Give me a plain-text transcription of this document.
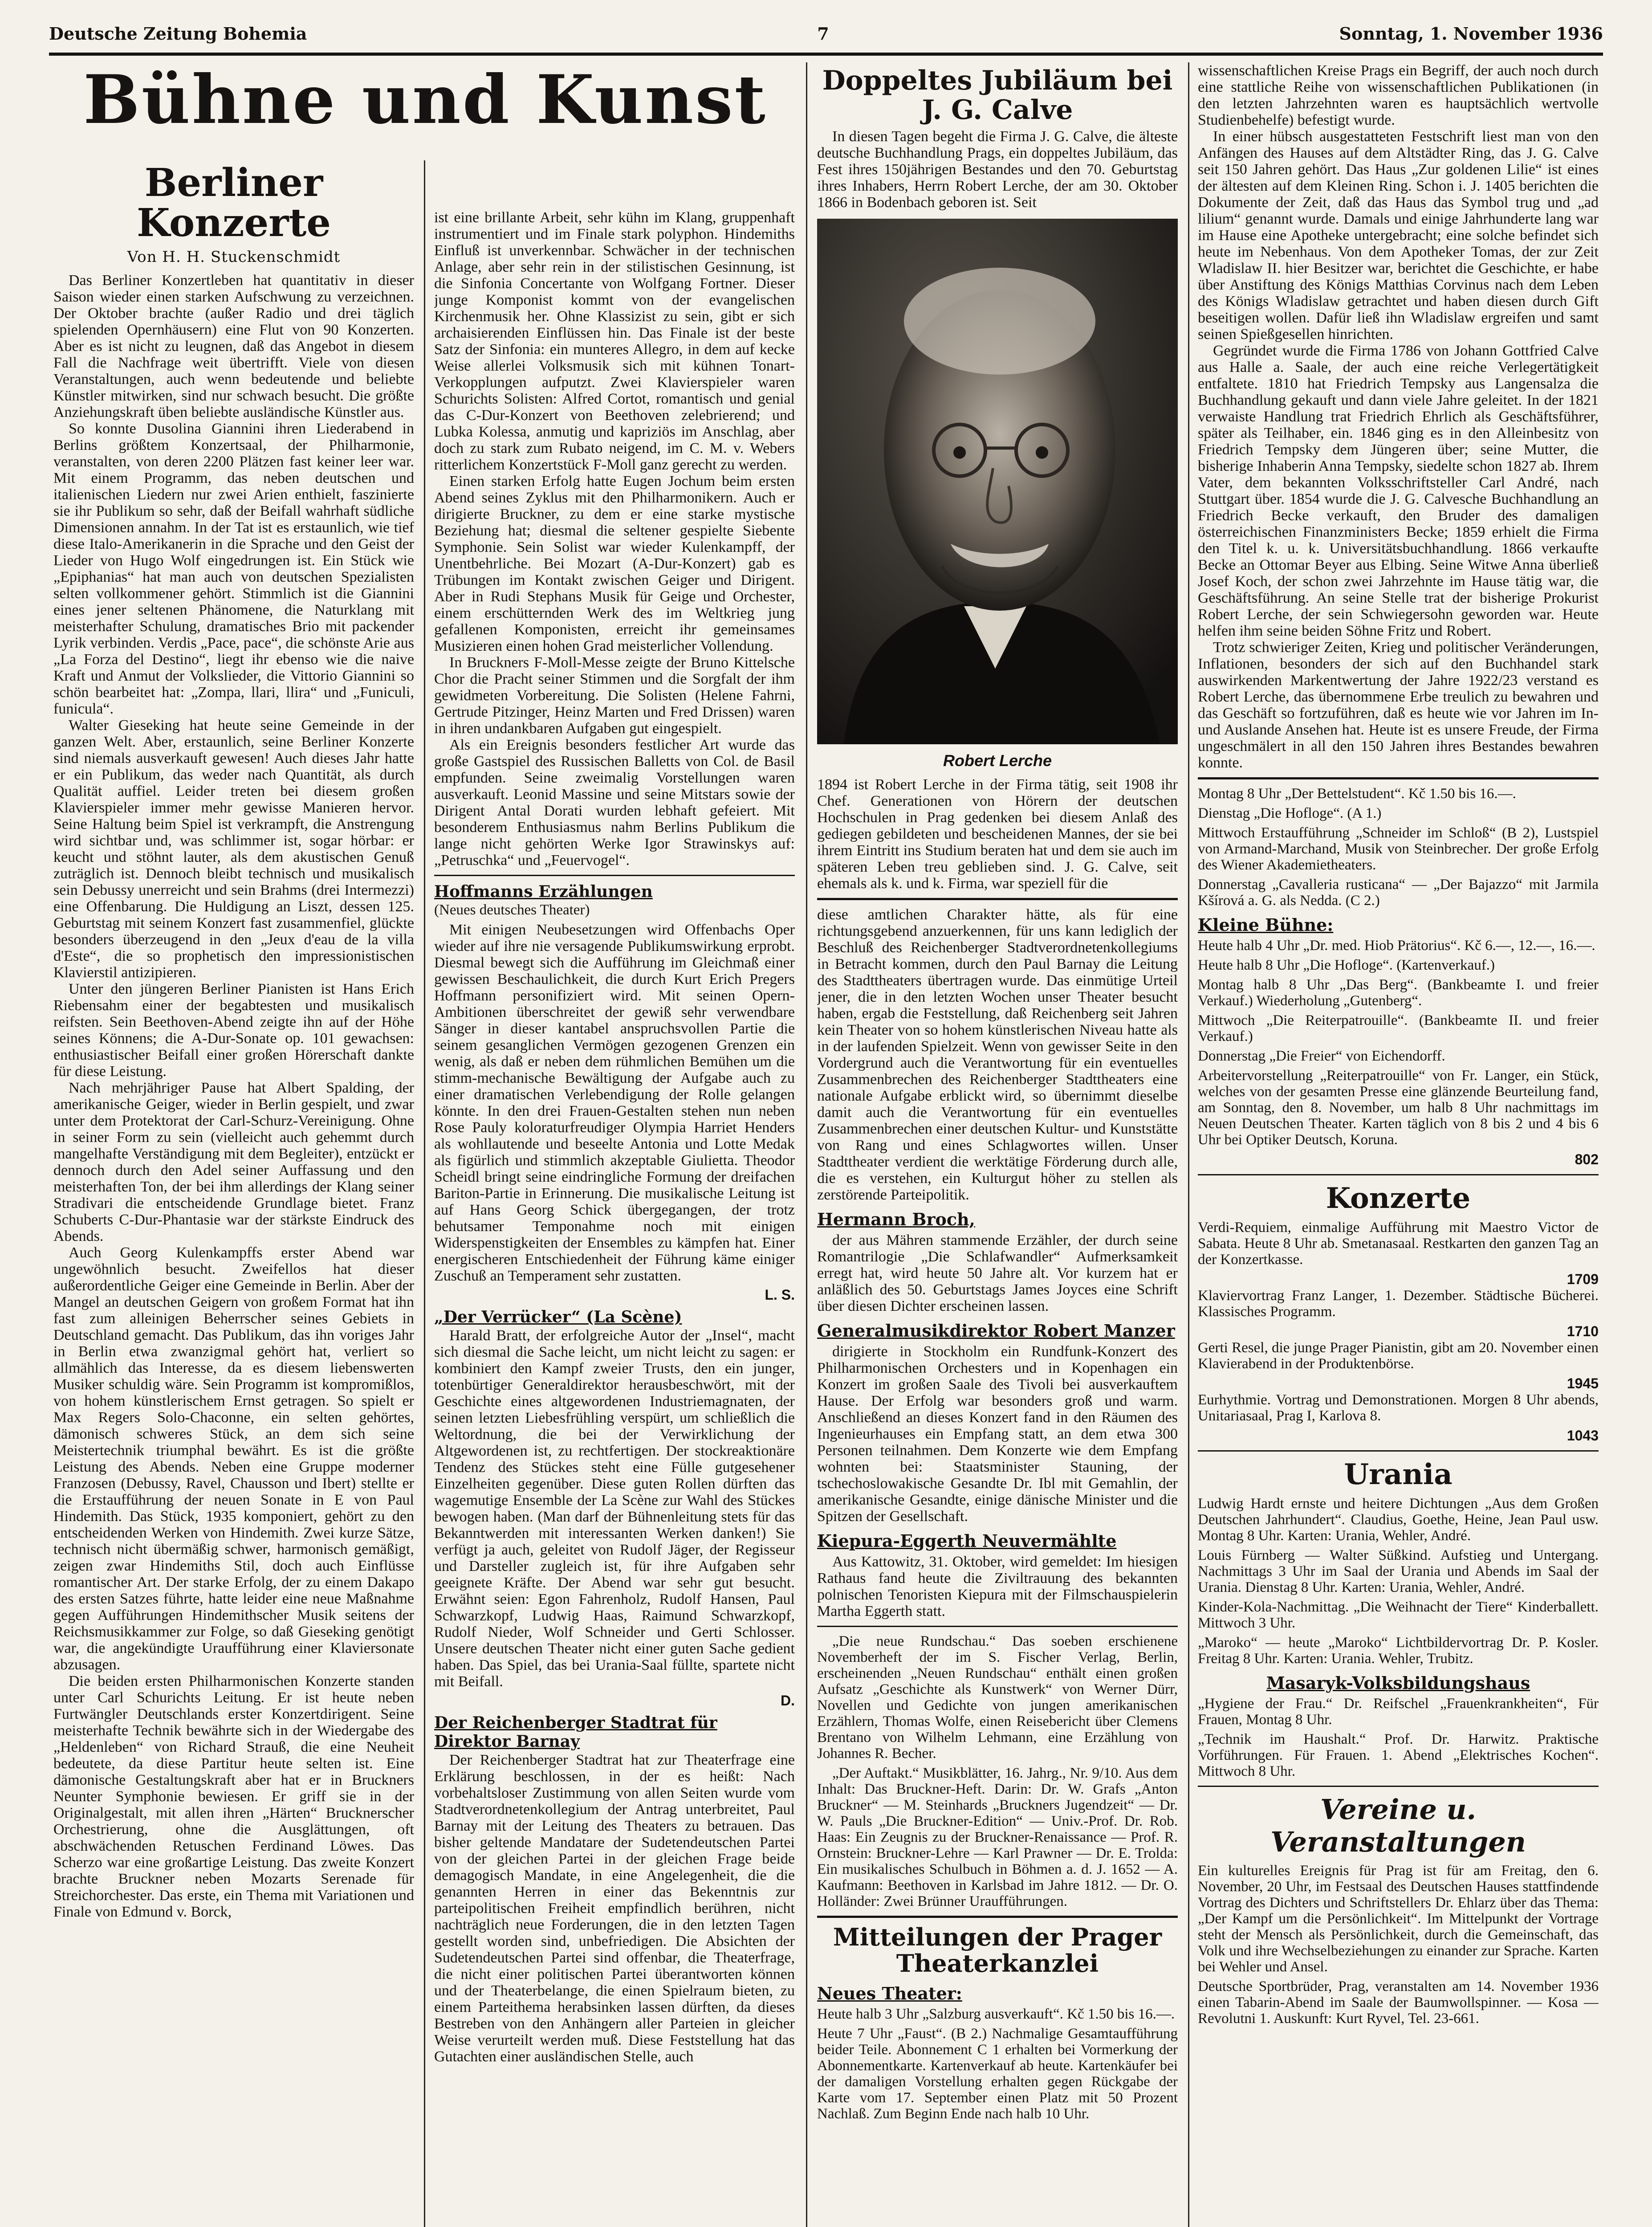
Deutsche Zeitung Bohemia	7	Sonntag, 1. November 1936
Bühne und Kunst
Berliner Konzerte
Von H. H. Stuckenschmidt

Das Berliner Konzertleben hat quantitativ in dieser Saison wieder einen starken Aufschwung zu verzeichnen. Der Oktober brachte (außer Radio und drei täglich spielenden Opernhäusern) eine Flut von 90 Konzerten. Aber es ist nicht zu leugnen, daß das Angebot in diesem Fall die Nachfrage weit übertrifft. Viele von diesen Veranstaltungen, auch wenn bedeutende und beliebte Künstler mitwirken, sind nur schwach besucht. Die größte Anziehungskraft üben beliebte ausländische Künstler aus.

So konnte Dusolina Giannini ihren Liederabend in Berlins größtem Konzertsaal, der Philharmonie, veranstalten, von deren 2200 Plätzen fast keiner leer war. Mit einem Programm, das neben deutschen und italienischen Liedern nur zwei Arien enthielt, faszinierte sie ihr Publikum so sehr, daß der Beifall wahrhaft südliche Dimensionen annahm. In der Tat ist es erstaunlich, wie tief diese Italo-Amerikanerin in die Sprache und den Geist der Lieder von Hugo Wolf eingedrungen ist. Ein Stück wie „Epiphanias“ hat man auch von deutschen Spezialisten selten vollkommener gehört. Stimmlich ist die Giannini eines jener seltenen Phänomene, die Naturklang mit meisterhafter Schulung, dramatisches Brio mit packender Lyrik verbinden. Verdis „Pace, pace“, die schönste Arie aus „La Forza del Destino“, liegt ihr ebenso wie die naive Kraft und Anmut der Volkslieder, die Vittorio Giannini so schön bearbeitet hat: „Zompa, llari, llira“ und „Funiculi, funicula“.

Walter Gieseking hat heute seine Gemeinde in der ganzen Welt. Aber, erstaunlich, seine Berliner Konzerte sind niemals ausverkauft gewesen! Auch dieses Jahr hatte er ein Publikum, das weder nach Quantität, als durch Qualität auffiel. Leider treten bei diesem großen Klavierspieler immer mehr gewisse Manieren hervor. Seine Haltung beim Spiel ist verkrampft, die Anstrengung wird sichtbar und, was schlimmer ist, sogar hörbar: er keucht und stöhnt lauter, als dem akustischen Genuß zuträglich ist. Dennoch bleibt technisch und musikalisch sein Debussy unerreicht und sein Brahms (drei Intermezzi) eine Offenbarung. Die Huldigung an Liszt, dessen 125. Geburtstag mit seinem Konzert fast zusammenfiel, glückte besonders überzeugend in den „Jeux d'eau de la villa d'Este“, die so prophetisch den impressionistischen Klavierstil antizipieren.

Unter den jüngeren Berliner Pianisten ist Hans Erich Riebensahm einer der begabtesten und musikalisch reifsten. Sein Beethoven-Abend zeigte ihn auf der Höhe seines Könnens; die A-Dur-Sonate op. 101 gewachsen: enthusiastischer Beifall einer großen Hörerschaft dankte für diese Leistung.

Nach mehrjähriger Pause hat Albert Spalding, der amerikanische Geiger, wieder in Berlin gespielt, und zwar unter dem Protektorat der Carl-Schurz-Vereinigung. Ohne in seiner Form zu sein (vielleicht auch gehemmt durch mangelhafte Verständigung mit dem Begleiter), entzückt er dennoch durch den Adel seiner Auffassung und den meisterhaften Ton, der bei ihm allerdings der Klang seiner Stradivari die entscheidende Grundlage bietet. Franz Schuberts C-Dur-Phantasie war der stärkste Eindruck des Abends.

Auch Georg Kulenkampffs erster Abend war ungewöhnlich besucht. Zweifellos hat dieser außerordentliche Geiger eine Gemeinde in Berlin. Aber der Mangel an deutschen Geigern von großem Format hat ihn fast zum alleinigen Beherrscher seines Gebiets in Deutschland gemacht. Das Publikum, das ihn voriges Jahr in Berlin etwa zwanzigmal gehört hat, verliert so allmählich das Interesse, da es diesem liebenswerten Musiker schuldig wäre. Sein Programm ist kompromißlos, von hohem künstlerischem Ernst getragen. So spielt er Max Regers Solo-Chaconne, ein selten gehörtes, dämonisch schweres Stück, an dem sich seine Meistertechnik triumphal bewährt. Es ist die größte Leistung des Abends. Neben eine Gruppe moderner Franzosen (Debussy, Ravel, Chausson und Ibert) stellte er die Erstaufführung der neuen Sonate in E von Paul Hindemith. Das Stück, 1935 komponiert, gehört zu den entscheidenden Werken von Hindemith. Zwei kurze Sätze, technisch nicht übermäßig schwer, harmonisch gemäßigt, zeigen zwar Hindemiths Stil, doch auch Einflüsse romantischer Art. Der starke Erfolg, der zu einem Dakapo des ersten Satzes führte, hatte leider eine neue Maßnahme gegen Aufführungen Hindemithscher Musik seitens der Reichsmusikkammer zur Folge, so daß Gieseking genötigt war, die angekündigte Uraufführung einer Klaviersonate abzusagen.

Die beiden ersten Philharmonischen Konzerte standen unter Carl Schurichts Leitung. Er ist heute neben Furtwängler Deutschlands erster Konzertdirigent. Seine meisterhafte Technik bewährte sich in der Wiedergabe des „Heldenleben“ von Richard Strauß, die eine Neuheit bedeutete, da diese Partitur heute selten ist. Eine dämonische Gestaltungskraft aber hat er in Bruckners Neunter Symphonie bewiesen. Er griff sie in der Originalgestalt, mit allen ihren „Härten“ Brucknerscher Orchestrierung, ohne die Ausglättungen, oft abschwächenden Retuschen Ferdinand Löwes. Das Scherzo war eine großartige Leistung. Das zweite Konzert brachte Bruckner neben Mozarts Serenade für Streichorchester. Das erste, ein Thema mit Variationen und Finale von Edmund v. Borck,

ist eine brillante Arbeit, sehr kühn im Klang, gruppenhaft instrumentiert und im Finale stark polyphon. Hindemiths Einfluß ist unverkennbar. Schwächer in der technischen Anlage, aber sehr rein in der stilistischen Gesinnung, ist die Sinfonia Concertante von Wolfgang Fortner. Dieser junge Komponist kommt von der evangelischen Kirchenmusik her. Ohne Klassizist zu sein, gibt er sich archaisierenden Einflüssen hin. Das Finale ist der beste Satz der Sinfonia: ein munteres Allegro, in dem auf kecke Weise allerlei Volksmusik sich mit kühnen Tonart-Verkopplungen aufputzt. Zwei Klavierspieler waren Schurichts Solisten: Alfred Cortot, romantisch und genial das C-Dur-Konzert von Beethoven zelebrierend; und Lubka Kolessa, anmutig und kapriziös im Anschlag, aber doch zu stark zum Rubato neigend, im C. M. v. Webers ritterlichem Konzertstück F-Moll ganz gerecht zu werden.

Einen starken Erfolg hatte Eugen Jochum beim ersten Abend seines Zyklus mit den Philharmonikern. Auch er dirigierte Bruckner, zu dem er eine starke mystische Beziehung hat; diesmal die seltener gespielte Siebente Symphonie. Sein Solist war wieder Kulenkampff, der Unentbehrliche. Bei Mozart (A-Dur-Konzert) gab es Trübungen im Kontakt zwischen Geiger und Dirigent. Aber in Rudi Stephans Musik für Geige und Orchester, einem erschütternden Werk des im Weltkrieg jung gefallenen Komponisten, erreicht ihr gemeinsames Musizieren einen hohen Grad meisterlicher Vollendung.

In Bruckners F-Moll-Messe zeigte der Bruno Kittelsche Chor die Pracht seiner Stimmen und die Sorgfalt der ihm gewidmeten Vorbereitung. Die Solisten (Helene Fahrni, Gertrude Pitzinger, Heinz Marten und Fred Drissen) waren in ihren undankbaren Aufgaben gut eingespielt.

Als ein Ereignis besonders festlicher Art wurde das große Gastspiel des Russischen Balletts von Col. de Basil empfunden. Seine zweimalig Vorstellungen waren ausverkauft. Leonid Massine und seine Mitstars sowie der Dirigent Antal Dorati wurden lebhaft gefeiert. Mit besonderem Enthusiasmus nahm Berlins Publikum die lange nicht gehörten Werke Igor Strawinskys auf: „Petruschka“ und „Feuervogel“.

Hoffmanns Erzählungen
(Neues deutsches Theater)

Mit einigen Neubesetzungen wird Offenbachs Oper wieder auf ihre nie versagende Publikumswirkung erprobt. Diesmal bewegt sich die Aufführung im Gleichmaß einer gewissen Beschaulichkeit, die durch Kurt Erich Pregers Hoffmann personifiziert wird. Mit seinen Opern-Ambitionen überschreitet der gewiß sehr verwendbare Sänger in dieser kantabel anspruchsvollen Partie die seinem gesanglichen Vermögen gezogenen Grenzen ein wenig, als daß er neben dem rühmlichen Bemühen um die stimm-mechanische Bewältigung der Aufgabe auch zu einer dramatischen Verlebendigung der Rolle gelangen könnte. In den drei Frauen-Gestalten stehen nun neben Rose Pauly koloraturfreudiger Olympia Harriet Henders als wohllautende und beseelte Antonia und Lotte Medak als figürlich und stimmlich akzeptable Giulietta. Theodor Scheidl bringt seine eindringliche Formung der dreifachen Bariton-Partie in Erinnerung. Die musikalische Leitung ist auf Hans Georg Schick übergegangen, der trotz behutsamer Temponahme noch mit einigen Widerspenstigkeiten der Ensembles zu kämpfen hat. Einer energischeren Entschiedenheit der Führung käme einiger Zuschuß an Temperament sehr zustatten.

L. S.
„Der Verrücker“ (La Scène)

Harald Bratt, der erfolgreiche Autor der „Insel“, macht sich diesmal die Sache leicht, um nicht leicht zu sagen: er kombiniert den Kampf zweier Trusts, den ein junger, totenbürtiger Generaldirektor herausbeschwört, mit der Geschichte eines altgewordenen Industriemagnaten, der seinen letzten Liebesfrühling verspürt, um schließlich die Weltordnung, die bei der Verwirklichung der Altgewordenen ist, zu rechtfertigen. Der stockreaktionäre Tendenz des Stückes steht eine Fülle gutgesehener Einzelheiten gegenüber. Diese guten Rollen dürften das wagemutige Ensemble der La Scène zur Wahl des Stückes bewogen haben. (Man darf der Bühnenleitung stets für das Bekanntwerden mit interessanten Werken danken!) Sie verfügt ja auch, geleitet von Rudolf Jäger, der Regisseur und Darsteller zugleich ist, für ihre Aufgaben sehr geeignete Kräfte. Der Abend war sehr gut besucht. Erwähnt seien: Egon Fahrenholz, Rudolf Hansen, Paul Schwarzkopf, Ludwig Haas, Raimund Schwarzkopf, Rudolf Nieder, Wolf Schneider und Gerti Schlosser. Unsere deutschen Theater nicht einer guten Sache gedient haben. Das Spiel, das bei Urania-Saal füllte, spartete nicht mit Beifall.

D.
Der Reichenberger Stadtrat für Direktor Barnay

Der Reichenberger Stadtrat hat zur Theaterfrage eine Erklärung beschlossen, in der es heißt: Nach vorbehaltsloser Zustimmung von allen Seiten wurde vom Stadtverordnetenkollegium der Antrag unterbreitet, Paul Barnay mit der Leitung des Theaters zu betrauen. Das bisher geltende Mandatare der Sudetendeutschen Partei von der gleichen Partei in der gleichen Frage beide demagogisch Mandate, in eine Angelegenheit, die die genannten Herren in einer das Bekenntnis zur parteipolitischen Freiheit empfindlich berühren, nicht nachträglich neue Forderungen, die in den letzten Tagen gestellt worden sind, unbefriedigen. Die Absichten der Sudetendeutschen Partei sind offenbar, die Theaterfrage, die nicht einer politischen Partei überantworten können und der Theaterbelange, die einen Spielraum bieten, zu einem Parteithema herabsinken lassen dürften, da dieses Bestreben von den Anhängern aller Parteien in gleicher Weise verurteilt werden muß. Diese Feststellung hat das Gutachten einer ausländischen Stelle, auch

Doppeltes Jubiläum bei J. G. Calve

In diesen Tagen begeht die Firma J. G. Calve, die älteste deutsche Buchhandlung Prags, ein doppeltes Jubiläum, das Fest ihres 150jährigen Bestandes und den 70. Geburtstag ihres Inhabers, Herrn Robert Lerche, der am 30. Oktober 1866 in Bodenbach geboren ist. Seit

Robert Lerche

1894 ist Robert Lerche in der Firma tätig, seit 1908 ihr Chef. Generationen von Hörern der deutschen Hochschulen in Prag gedenken bei diesem Anlaß des gediegen gebildeten und bescheidenen Mannes, der sie bei ihrem Eintritt ins Studium beraten hat und dem sie auch im späteren Leben treu geblieben sind. J. G. Calve, seit ehemals als k. und k. Firma, war speziell für die

diese amtlichen Charakter hätte, als für eine richtungsgebend anzuerkennen, für uns kann lediglich der Beschluß des Reichenberger Stadtverordnetenkollegiums in Betracht kommen, durch den Paul Barnay die Leitung des Stadttheaters übertragen wurde. Das einmütige Urteil jener, die in den letzten Wochen unser Theater besucht haben, ergab die Feststellung, daß Reichenberg seit Jahren kein Theater von so hohem künstlerischen Niveau hatte als in der laufenden Spielzeit. Wenn von gewisser Seite in den Vordergrund auch die Verantwortung für ein eventuelles Zusammenbrechen des Reichenberger Stadttheaters eine nationale Aufgabe erblickt wird, so übernimmt dieselbe damit auch die Verantwortung für ein eventuelles Zusammenbrechen einer deutschen Kultur- und Kunststätte von Rang und eines Schlagwortes willen. Unser Stadttheater verdient die werktätige Förderung durch alle, die es verstehen, ein Kulturgut höher zu stellen als zerstörende Parteipolitik.

Hermann Broch,

der aus Mähren stammende Erzähler, der durch seine Romantrilogie „Die Schlafwandler“ Aufmerksamkeit erregt hat, wird heute 50 Jahre alt. Vor kurzem hat er anläßlich des 50. Geburtstags James Joyces eine Schrift über diesen Dichter erscheinen lassen.

Generalmusikdirektor Robert Manzer

dirigierte in Stockholm ein Rundfunk-Konzert des Philharmonischen Orchesters und in Kopenhagen ein Konzert im großen Saale des Tivoli bei ausverkauftem Hause. Der Erfolg war besonders groß und warm. Anschließend an dieses Konzert fand in den Räumen des Ingenieurhauses ein Empfang statt, an dem etwa 300 Personen teilnahmen. Dem Konzerte wie dem Empfang wohnten bei: Staatsminister Stauning, der tschechoslowakische Gesandte Dr. Ibl mit Gemahlin, der amerikanische Gesandte, einige dänische Minister und die Spitzen der Gesellschaft.

Kiepura-Eggerth Neuvermählte

Aus Kattowitz, 31. Oktober, wird gemeldet: Im hiesigen Rathaus fand heute die Ziviltrauung des bekannten polnischen Tenoristen Kiepura mit der Filmschauspielerin Martha Eggerth statt.

„Die neue Rundschau.“ Das soeben erschienene Novemberheft der im S. Fischer Verlag, Berlin, erscheinenden „Neuen Rundschau“ enthält einen großen Aufsatz „Geschichte als Kunstwerk“ von Werner Dürr, Novellen und Gedichte von jungen amerikanischen Erzählern, Thomas Wolfe, einen Reisebericht über Clemens Brentano von Wilhelm Lehmann, eine Erzählung von Johannes R. Becher.

„Der Auftakt.“ Musikblätter, 16. Jahrg., Nr. 9/10. Aus dem Inhalt: Das Bruckner-Heft. Darin: Dr. W. Grafs „Anton Bruckner“ — M. Steinhards „Bruckners Jugendzeit“ — Dr. W. Pauls „Die Bruckner-Edition“ — Univ.-Prof. Dr. Rob. Haas: Ein Zeugnis zu der Bruckner-Renaissance — Prof. R. Ornstein: Bruckner-Lehre — Karl Prawner — Dr. E. Trolda: Ein musikalisches Schulbuch in Böhmen a. d. J. 1652 — A. Kaufmann: Beethoven in Karlsbad im Jahre 1812. — Dr. O. Holländer: Zwei Brünner Uraufführungen.

Mitteilungen der Prager Theaterkanzlei
Neues Theater:
Heute halb 3 Uhr „Salzburg ausverkauft“. Kč 1.50 bis 16.—.
Heute 7 Uhr „Faust“. (B 2.) Nachmalige Gesamtaufführung beider Teile. Abonnement C 1 erhalten bei Vormerkung der Abonnementkarte. Kartenverkauf ab heute. Kartenkäufer bei der damaligen Vorstellung erhalten gegen Rückgabe der Karte vom 17. September einen Platz mit 50 Prozent Nachlaß. Zum Beginn Ende nach halb 10 Uhr.

wissenschaftlichen Kreise Prags ein Begriff, der auch noch durch eine stattliche Reihe von wissenschaftlichen Publikationen (in den letzten Jahrzehnten waren es hauptsächlich wertvolle Studienbehelfe) befestigt wurde.

In einer hübsch ausgestatteten Festschrift liest man von den Anfängen des Hauses auf dem Altstädter Ring, das J. G. Calve seit 150 Jahren gehört. Das Haus „Zur goldenen Lilie“ ist eines der ältesten auf dem Kleinen Ring. Schon i. J. 1405 berichten die Dokumente der Zeit, daß das Haus das Symbol trug und „ad lilium“ genannt wurde. Damals und einige Jahrhunderte lang war im Hause eine Apotheke untergebracht; eine solche befindet sich heute im Nebenhaus. Von dem Apotheker Tomas, der zur Zeit Wladislaw II. hier Besitzer war, berichtet die Geschichte, er habe über Anstiftung des Königs Matthias Corvinus nach dem Leben des Königs Wladislaw getrachtet und haben diesen durch Gift beseitigen wollen. Dafür ließ ihn Wladislaw ergreifen und samt seinen Spießgesellen hinrichten.

Gegründet wurde die Firma 1786 von Johann Gottfried Calve aus Halle a. Saale, der auch eine reiche Verlegertätigkeit entfaltete. 1810 hat Friedrich Tempsky aus Langensalza die Buchhandlung gekauft und dann viele Jahre geleitet. In der 1821 verwaiste Handlung trat Friedrich Ehrlich als Geschäftsführer, später als Teilhaber, ein. 1846 ging es in den Alleinbesitz von Friedrich Tempsky dem Jüngeren über; seine Mutter, die bisherige Inhaberin Anna Tempsky, siedelte schon 1827 ab. Ihrem Vater, dem bekannten Volksschriftsteller Carl André, nach Stuttgart über. 1854 wurde die J. G. Calvesche Buchhandlung an Friedrich Becke verkauft, den Bruder des damaligen österreichischen Finanzministers Becke; 1859 erhielt die Firma den Titel k. u. k. Universitätsbuchhandlung. 1866 verkaufte Becke an Ottomar Beyer aus Elbing. Seine Witwe Anna überließ Josef Koch, der schon zwei Jahrzehnte im Hause tätig war, die Geschäftsführung. An seine Stelle trat der bisherige Prokurist Robert Lerche, der sein Schwiegersohn geworden war. Heute helfen ihm seine beiden Söhne Fritz und Robert.

Trotz schwieriger Zeiten, Krieg und politischer Veränderungen, Inflationen, besonders der sich auf den Buchhandel stark auswirkenden Markentwertung der Jahre 1922/23 verstand es Robert Lerche, das übernommene Erbe treulich zu bewahren und das Geschäft so fortzuführen, daß es heute wie vor Jahren im In- und Auslande Ansehen hat. Heute ist es unsere Freude, der Firma ungeschmälert in all den 150 Jahren ihres Bestandes bewahren konnte.

Montag 8 Uhr „Der Bettelstudent“. Kč 1.50 bis 16.—.
Dienstag „Die Hofloge“. (A 1.)
Mittwoch Erstaufführung „Schneider im Schloß“ (B 2), Lustspiel von Armand-Marchand, Musik von Steinbrecher. Der große Erfolg des Wiener Akademietheaters.
Donnerstag „Cavalleria rusticana“ — „Der Bajazzo“ mit Jarmila Kšírová a. G. als Nedda. (C 2.)
Kleine Bühne:
Heute halb 4 Uhr „Dr. med. Hiob Prätorius“. Kč 6.—, 12.—, 16.—.
Heute halb 8 Uhr „Die Hofloge“. (Kartenverkauf.)
Montag halb 8 Uhr „Das Berg“. (Bankbeamte I. und freier Verkauf.) Wiederholung „Gutenberg“.
Mittwoch „Die Reiterpatrouille“. (Bankbeamte II. und freier Verkauf.)
Donnerstag „Die Freier“ von Eichendorff.
Arbeitervorstellung „Reiterpatrouille“ von Fr. Langer, ein Stück, welches von der gesamten Presse eine glänzende Beurteilung fand, am Sonntag, den 8. November, um halb 8 Uhr nachmittags im Neuen Deutschen Theater. Karten täglich von 8 bis 2 und 4 bis 6 Uhr bei Optiker Deutsch, Koruna.
802
Konzerte
Verdi-Requiem, einmalige Aufführung mit Maestro Victor de Sabata. Heute 8 Uhr ab. Smetanasaal. Restkarten den ganzen Tag an der Konzertkasse.
1709
Klaviervortrag Franz Langer, 1. Dezember. Städtische Bücherei. Klassisches Programm.
1710
Gerti Resel, die junge Prager Pianistin, gibt am 20. November einen Klavierabend in der Produktenbörse.
1945
Eurhythmie. Vortrag und Demonstrationen. Morgen 8 Uhr abends, Unitariasaal, Prag I, Karlova 8.
1043
Urania
Ludwig Hardt ernste und heitere Dichtungen „Aus dem Großen Deutschen Jahrhundert“. Claudius, Goethe, Heine, Jean Paul usw. Montag 8 Uhr. Karten: Urania, Wehler, André.
Louis Fürnberg — Walter Süßkind. Aufstieg und Untergang. Nachmittags 3 Uhr im Saal der Urania und Abends im Saal der Urania. Dienstag 8 Uhr. Karten: Urania, Wehler, André.
Kinder-Kola-Nachmittag. „Die Weihnacht der Tiere“ Kinderballett. Mittwoch 3 Uhr.
„Maroko“ — heute „Maroko“ Lichtbildervortrag Dr. P. Kosler. Freitag 8 Uhr. Karten: Urania. Wehler, Trubitz.
Masaryk-Volksbildungshaus
„Hygiene der Frau.“ Dr. Reifschel „Frauenkrankheiten“, Für Frauen, Montag 8 Uhr.
„Technik im Haushalt.“ Prof. Dr. Harwitz. Praktische Vorführungen. Für Frauen. 1. Abend „Elektrisches Kochen“. Mittwoch 8 Uhr.
Vereine u. Veranstaltungen
Ein kulturelles Ereignis für Prag ist für am Freitag, den 6. November, 20 Uhr, im Festsaal des Deutschen Hauses stattfindende Vortrag des Dichters und Schriftstellers Dr. Ehlarz über das Thema: „Der Kampf um die Persönlichkeit“. Im Mittelpunkt der Vortrage steht der Mensch als Persönlichkeit, durch die Gemeinschaft, das Volk und ihre Wechselbeziehungen zu einander zur Sprache. Karten bei Wehler und Ansel.
Deutsche Sportbrüder, Prag, veranstalten am 14. November 1936 einen Tabarin-Abend im Saale der Baumwollspinner. — Kosa — Revolutni 1. Auskunft: Kurt Ryvel, Tel. 23-661.
